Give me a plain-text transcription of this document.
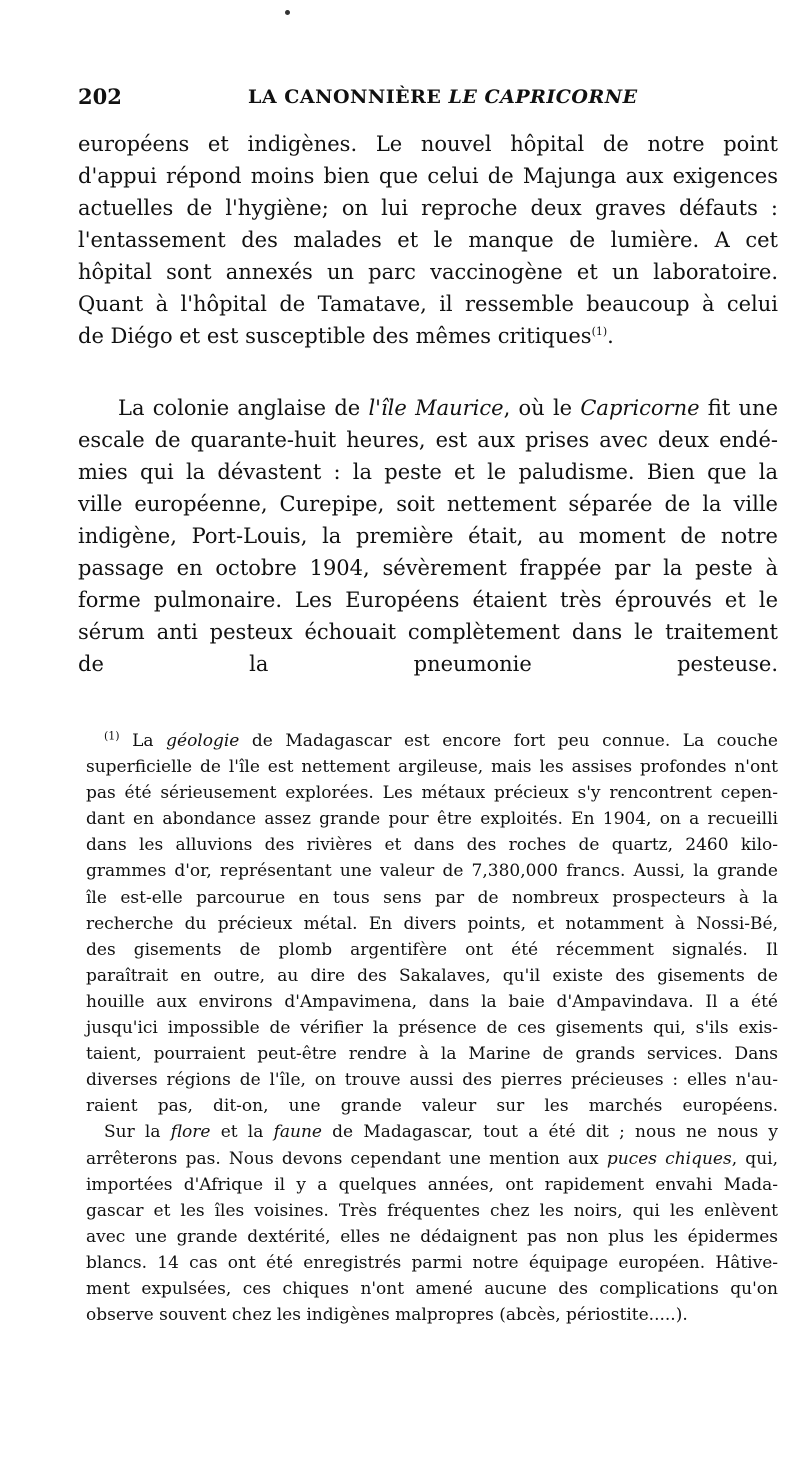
202	LA CANONNIÈRE LE CAPRICORNE
européens et indigènes. Le nouvel hôpital de notre point
d'appui répond moins bien que celui de Majunga aux exigences
actuelles de l'hygiène; on lui reproche deux graves défauts :
l'entassement des malades et le manque de lumière. A cet
hôpital sont annexés un parc vaccinogène et un laboratoire.
Quant à l'hôpital de Tamatave, il ressemble beaucoup à celui
de Diégo et est susceptible des mêmes critiques$^{(1)}$.
La colonie anglaise de l'île Maurice, où le Capricorne fit une
escale de quarante-huit heures, est aux prises avec deux endé-
mies qui la dévastent : la peste et le paludisme. Bien que la
ville européenne, Curepipe, soit nettement séparée de la ville
indigène, Port-Louis, la première était, au moment de notre
passage en octobre 1904, sévèrement frappée par la peste à
forme pulmonaire. Les Européens étaient très éprouvés et le
sérum anti pesteux échouait complètement dans le traitement
de la pneumonie pesteuse.
$^{(1)}$ La géologie de Madagascar est encore fort peu connue. La couche
superficielle de l'île est nettement argileuse, mais les assises profondes n'ont
pas été sérieusement explorées. Les métaux précieux s'y rencontrent cepen-
dant en abondance assez grande pour être exploités. En 1904, on a recueilli
dans les alluvions des rivières et dans des roches de quartz, 2460 kilo-
grammes d'or, représentant une valeur de 7,380,000 francs. Aussi, la grande
île est-elle parcourue en tous sens par de nombreux prospecteurs à la
recherche du précieux métal. En divers points, et notamment à Nossi-Bé,
des gisements de plomb argentifère ont été récemment signalés. Il
paraîtrait en outre, au dire des Sakalaves, qu'il existe des gisements de
houille aux environs d'Ampavimena, dans la baie d'Ampavindava. Il a été
jusqu'ici impossible de vérifier la présence de ces gisements qui, s'ils exis-
taient, pourraient peut-être rendre à la Marine de grands services. Dans
diverses régions de l'île, on trouve aussi des pierres précieuses : elles n'au-
raient pas, dit-on, une grande valeur sur les marchés européens.
Sur la flore et la faune de Madagascar, tout a été dit ; nous ne nous y
arrêterons pas. Nous devons cependant une mention aux puces chiques, qui,
importées d'Afrique il y a quelques années, ont rapidement envahi Mada-
gascar et les îles voisines. Très fréquentes chez les noirs, qui les enlèvent
avec une grande dextérité, elles ne dédaignent pas non plus les épidermes
blancs. 14 cas ont été enregistrés parmi notre équipage européen. Hâtive-
ment expulsées, ces chiques n'ont amené aucune des complications qu'on
observe souvent chez les indigènes malpropres (abcès, périostite.....).
